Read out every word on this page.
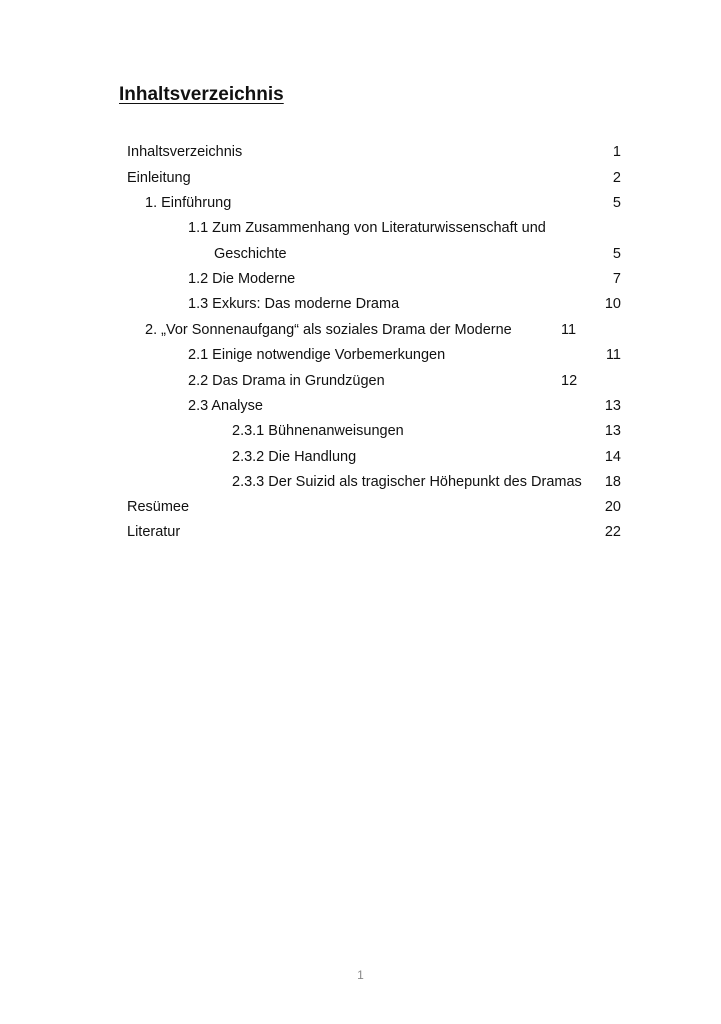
Inhaltsverzeichnis
Inhaltsverzeichnis	1
Einleitung	2
1. Einführung	5
1.1 Zum Zusammenhang von Literaturwissenschaft und
Geschichte	5
1.2 Die Moderne	7
1.3 Exkurs: Das moderne Drama	10
2. „Vor Sonnenaufgang“ als soziales Drama der Moderne	11
2.1 Einige notwendige Vorbemerkungen	11
2.2 Das Drama in Grundzügen	12
2.3 Analyse	13
2.3.1 Bühnenanweisungen	13
2.3.2 Die Handlung	14
2.3.3 Der Suizid als tragischer Höhepunkt des Dramas 18
Resümee	20
Literatur	22
1
